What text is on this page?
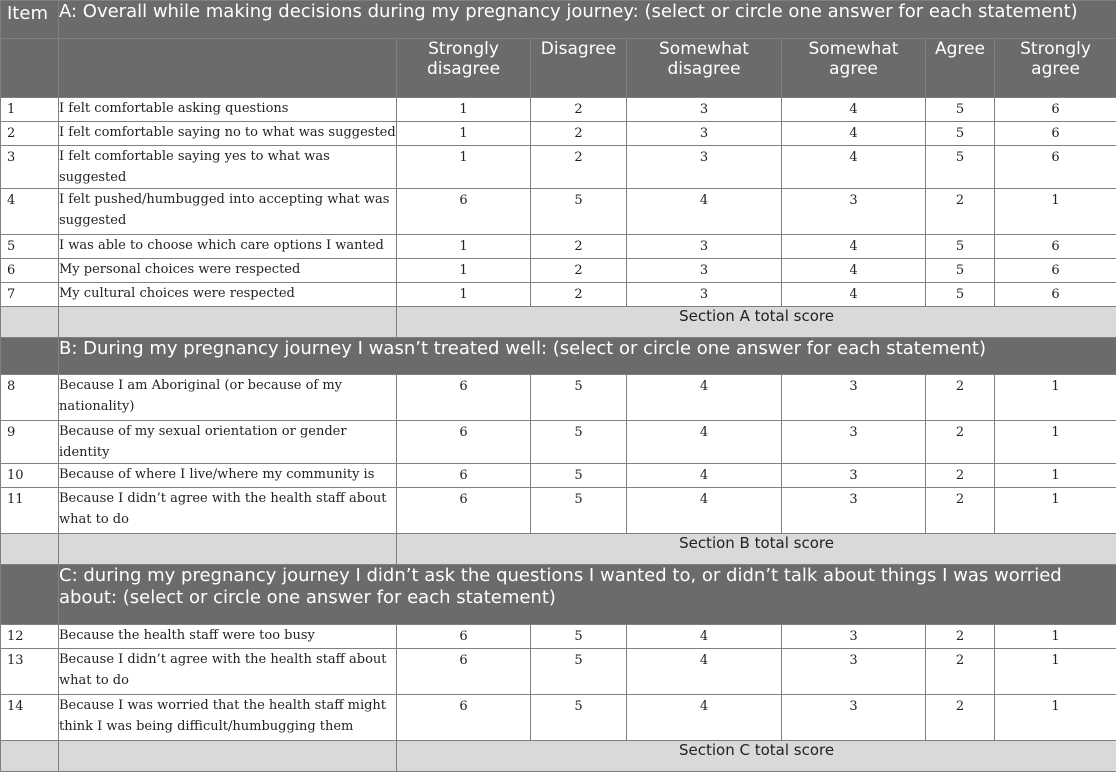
Item	A: Overall while making decisions during my pregnancy journey: (select or circle one answer for each statement)						
		Strongly disagree	Disagree	Somewhat disagree	Somewhat agree	Agree	Strongly agree
1	I felt comfortable asking questions	1	2	3	4	5	6
2	I felt comfortable saying no to what was suggested	1	2	3	4	5	6
3	I felt comfortable saying yes to what was suggested	1	2	3	4	5	6
4	I felt pushed/humbugged into accepting what was suggested	6	5	4	3	2	1
5	I was able to choose which care options I wanted	1	2	3	4	5	6
6	My personal choices were respected	1	2	3	4	5	6
7	My cultural choices were respected	1	2	3	4	5	6
		Section A total score					
	B: During my pregnancy journey I wasn’t treated well: (select or circle one answer for each statement)						
8	Because I am Aboriginal (or because of my nationality)	6	5	4	3	2	1
9	Because of my sexual orientation or gender identity	6	5	4	3	2	1
10	Because of where I live/where my community is	6	5	4	3	2	1
11	Because I didn’t agree with the health staff about what to do	6	5	4	3	2	1
		Section B total score					
	C: during my pregnancy journey I didn’t ask the questions I wanted to, or didn’t talk about things I was worried about: (select or circle one answer for each statement)						
12	Because the health staff were too busy	6	5	4	3	2	1
13	Because I didn’t agree with the health staff about what to do	6	5	4	3	2	1
14	Because I was worried that the health staff might think I was being difficult/humbugging them	6	5	4	3	2	1
		Section C total score					
